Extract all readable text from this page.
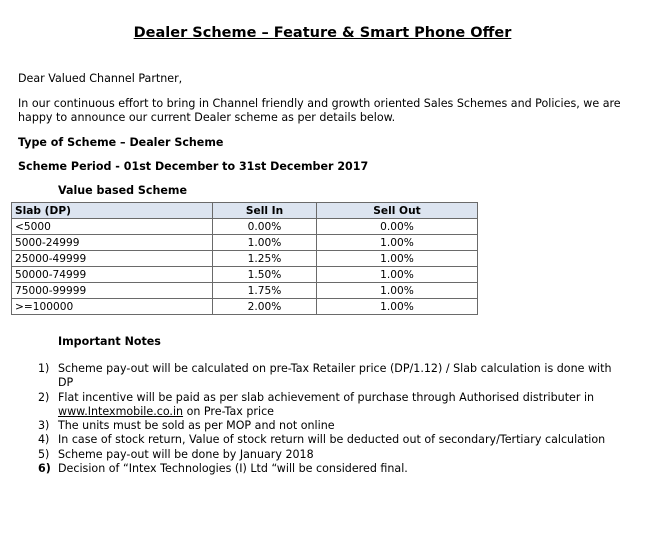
Dealer Scheme – Feature & Smart Phone Offer
Dear Valued Channel Partner,
In our continuous effort to bring in Channel friendly and growth oriented Sales Schemes and Policies, we are happy to announce our current Dealer scheme as per details below.
Type of Scheme – Dealer Scheme
Scheme Period - 01st December to 31st December 2017
Value based Scheme
Slab (DP)	Sell In	Sell Out
<5000	0.00%	0.00%
5000-24999	1.00%	1.00%
25000-49999	1.25%	1.00%
50000-74999	1.50%	1.00%
75000-99999	1.75%	1.00%
>=100000	2.00%	1.00%
Important Notes
1) Scheme pay-out will be calculated on pre-Tax Retailer price (DP/1.12) / Slab calculation is done with DP
2) Flat incentive will be paid as per slab achievement of purchase through Authorised distributer in
www.Intexmobile.co.in on Pre-Tax price
3) The units must be sold as per MOP and not online
4) In case of stock return, Value of stock return will be deducted out of secondary/Tertiary calculation
5) Scheme pay-out will be done by January 2018
6) Decision of “Intex Technologies (I) Ltd “will be considered final.
